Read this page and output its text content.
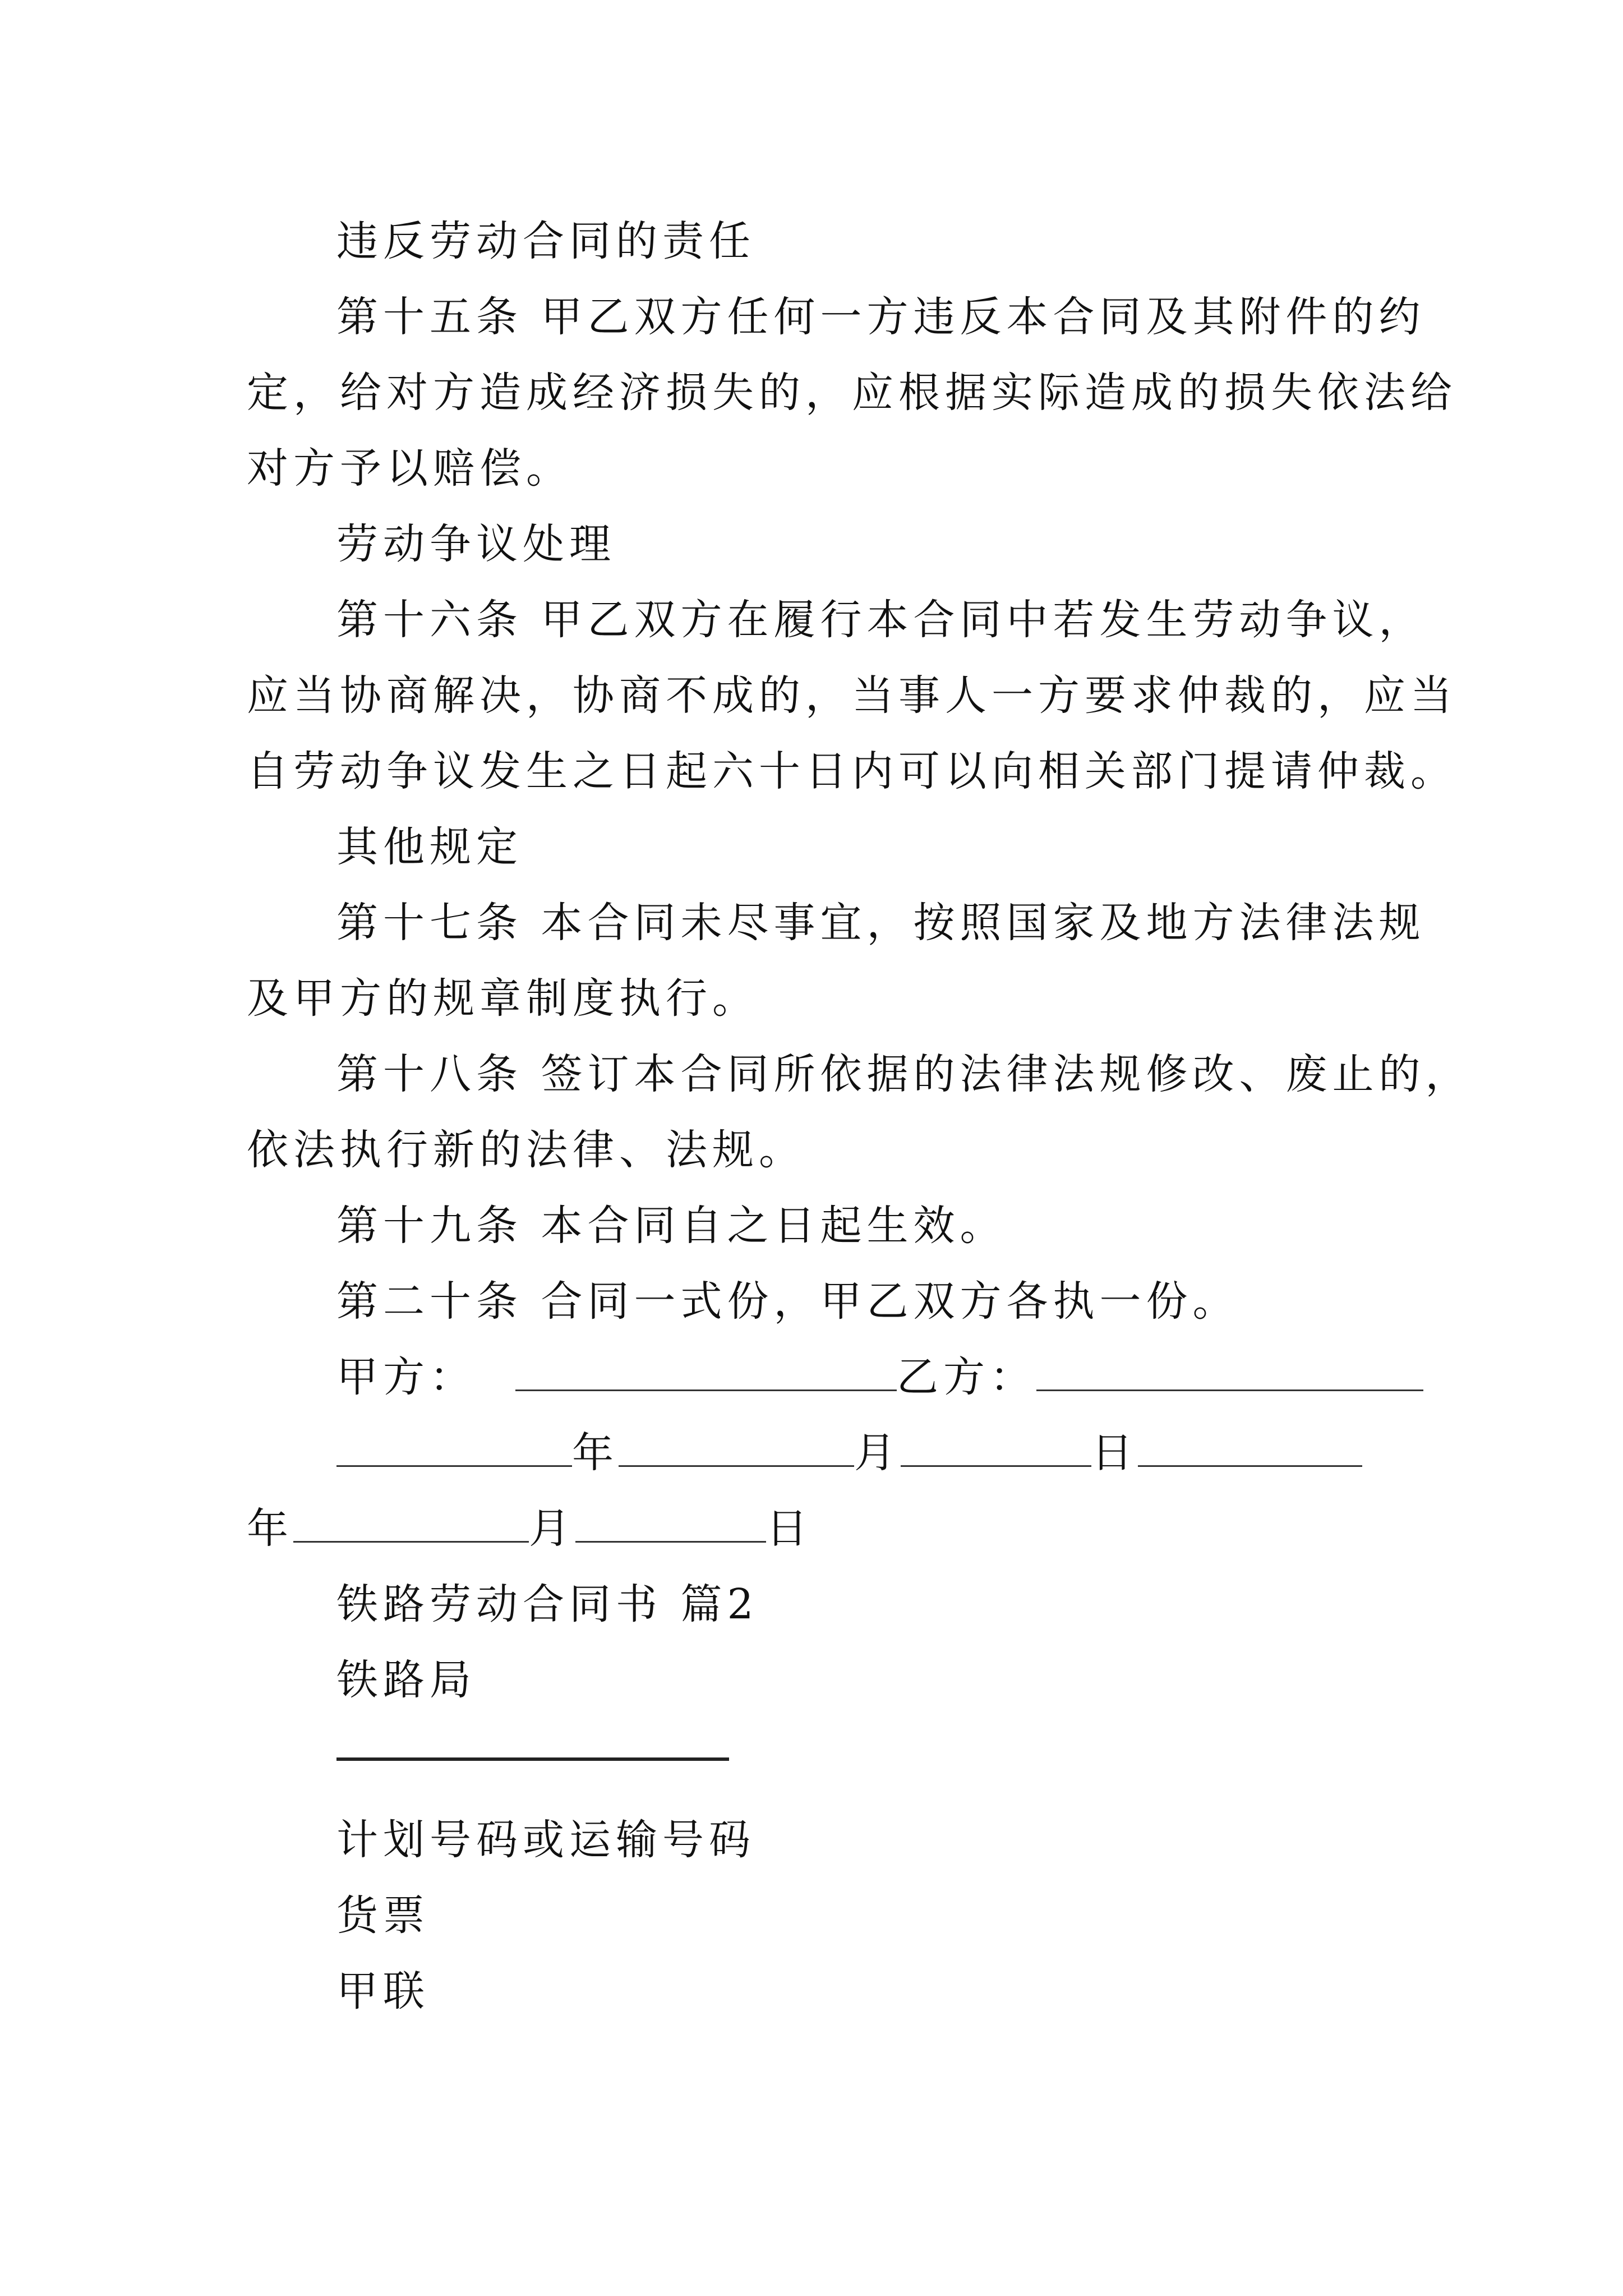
违反劳动合同的责任

第十五条 甲乙双方任何一方违反本合同及其附件的约

定，给对方造成经济损失的，应根据实际造成的损失依法给

对方予以赔偿。

劳动争议处理

第十六条 甲乙双方在履行本合同中若发生劳动争议，

应当协商解决，协商不成的，当事人一方要求仲裁的，应当

自劳动争议发生之日起六十日内可以向相关部门提请仲裁。

其他规定

第十七条 本合同未尽事宜，按照国家及地方法律法规

及甲方的规章制度执行。

第十八条 签订本合同所依据的法律法规修改、废止的，

依法执行新的法律、法规。

第十九条 本合同自之日起生效。

第二十条 合同一式份，甲乙双方各执一份。

甲方：	乙方：

年	月	日

年	月	日

铁路劳动合同书 篇2

铁路局

计划号码或运输号码

货票

甲联
